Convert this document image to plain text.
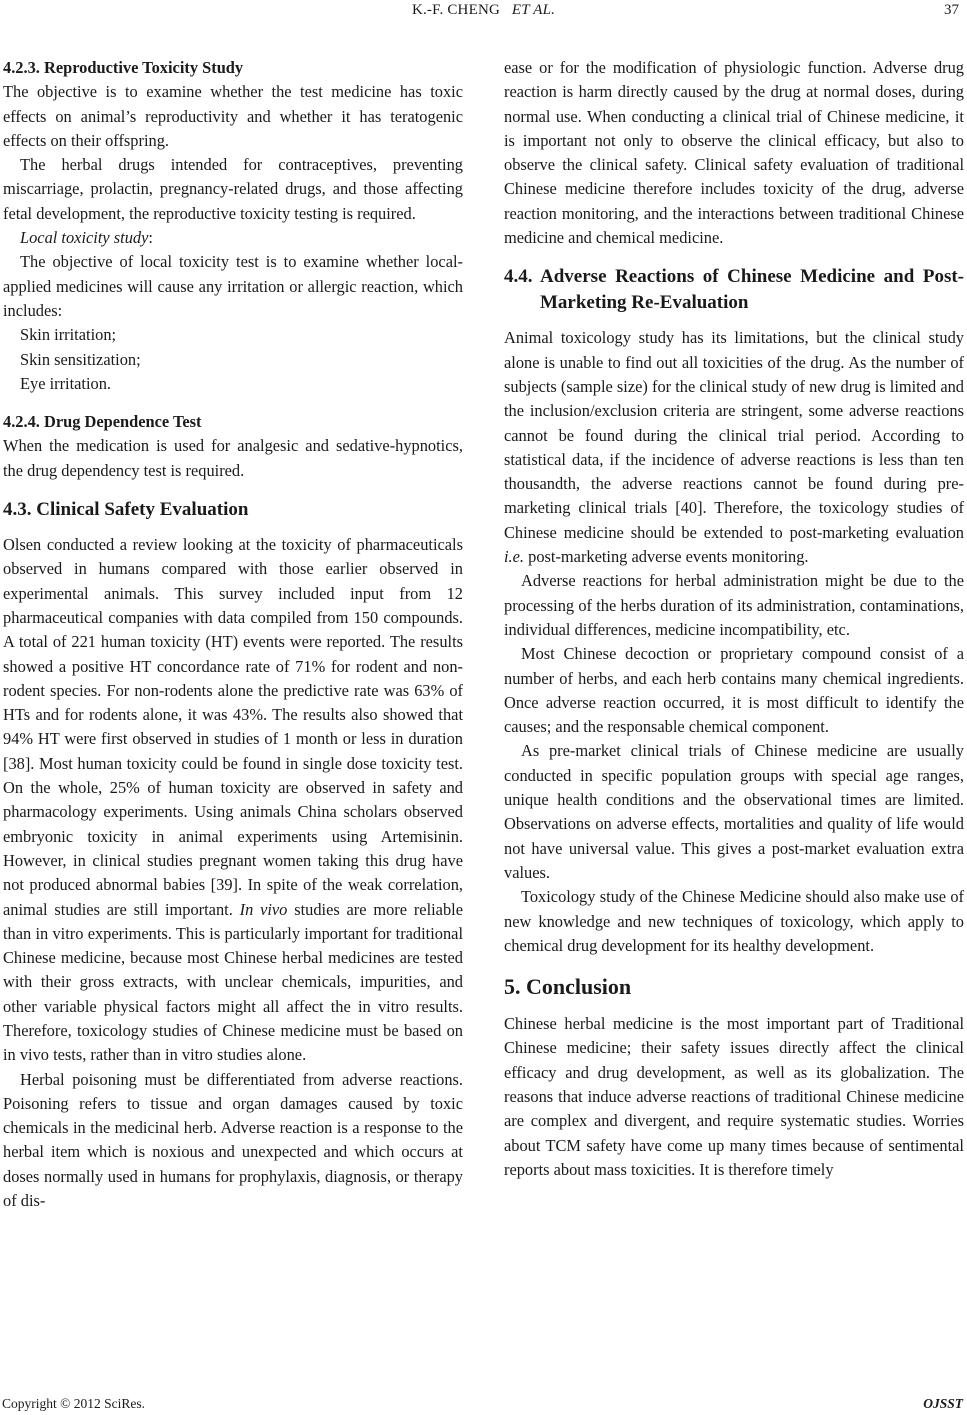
K.-F. CHENG ET AL.	37
4.2.3. Reproductive Toxicity Study

The objective is to examine whether the test medicine has toxic effects on animal’s reproductivity and whether it has teratogenic effects on their offspring.

The herbal drugs intended for contraceptives, preventing miscarriage, prolactin, pregnancy-related drugs, and those affecting fetal development, the reproductive toxicity testing is required.

Local toxicity study:

The objective of local toxicity test is to examine whether local-applied medicines will cause any irritation or allergic reaction, which includes:

Skin irritation;

Skin sensitization;

Eye irritation.

4.2.4. Drug Dependence Test

When the medication is used for analgesic and sedative-hypnotics, the drug dependency test is required.

4.3. Clinical Safety Evaluation

Olsen conducted a review looking at the toxicity of pharmaceuticals observed in humans compared with those earlier observed in experimental animals. This survey included input from 12 pharmaceutical companies with data compiled from 150 compounds. A total of 221 human toxicity (HT) events were reported. The results showed a positive HT concordance rate of 71% for rodent and non-rodent species. For non-rodents alone the predictive rate was 63% of HTs and for rodents alone, it was 43%. The results also showed that 94% HT were first observed in studies of 1 month or less in duration [38]. Most human toxicity could be found in single dose toxicity test. On the whole, 25% of human toxicity are observed in safety and pharmacology experiments. Using animals China scholars observed embryonic toxicity in animal experiments using Artemisinin. However, in clinical studies pregnant women taking this drug have not produced abnormal babies [39]. In spite of the weak correlation, animal studies are still important. In vivo studies are more reliable than in vitro experiments. This is particularly important for traditional Chinese medicine, because most Chinese herbal medicines are tested with their gross extracts, with unclear chemicals, impurities, and other variable physical factors might all affect the in vitro results. Therefore, toxicology studies of Chinese medicine must be based on in vivo tests, rather than in vitro studies alone.

Herbal poisoning must be differentiated from adverse reactions. Poisoning refers to tissue and organ damages caused by toxic chemicals in the medicinal herb. Adverse reaction is a response to the herbal item which is noxious and unexpected and which occurs at doses normally used in humans for prophylaxis, diagnosis, or therapy of dis-

ease or for the modification of physiologic function. Adverse drug reaction is harm directly caused by the drug at normal doses, during normal use. When conducting a clinical trial of Chinese medicine, it is important not only to observe the clinical efficacy, but also to observe the clinical safety. Clinical safety evaluation of traditional Chinese medicine therefore includes toxicity of the drug, adverse reaction monitoring, and the interactions between traditional Chinese medicine and chemical medicine.

4.4. Adverse Reactions of Chinese Medicine and Post-Marketing Re-Evaluation

Animal toxicology study has its limitations, but the clinical study alone is unable to find out all toxicities of the drug. As the number of subjects (sample size) for the clinical study of new drug is limited and the inclusion/exclusion criteria are stringent, some adverse reactions cannot be found during the clinical trial period. According to statistical data, if the incidence of adverse reactions is less than ten thousandth, the adverse reactions cannot be found during pre-marketing clinical trials [40]. Therefore, the toxicology studies of Chinese medicine should be extended to post-marketing evaluation i.e. post-marketing adverse events monitoring.

Adverse reactions for herbal administration might be due to the processing of the herbs duration of its administration, contaminations, individual differences, medicine incompatibility, etc.

Most Chinese decoction or proprietary compound consist of a number of herbs, and each herb contains many chemical ingredients. Once adverse reaction occurred, it is most difficult to identify the causes; and the responsable chemical component.

As pre-market clinical trials of Chinese medicine are usually conducted in specific population groups with special age ranges, unique health conditions and the observational times are limited. Observations on adverse effects, mortalities and quality of life would not have universal value. This gives a post-market evaluation extra values.

Toxicology study of the Chinese Medicine should also make use of new knowledge and new techniques of toxicology, which apply to chemical drug development for its healthy development.

5. Conclusion

Chinese herbal medicine is the most important part of Traditional Chinese medicine; their safety issues directly affect the clinical efficacy and drug development, as well as its globalization. The reasons that induce adverse reactions of traditional Chinese medicine are complex and divergent, and require systematic studies. Worries about TCM safety have come up many times because of sentimental reports about mass toxicities. It is therefore timely

Copyright © 2012 SciRes.	OJSST
